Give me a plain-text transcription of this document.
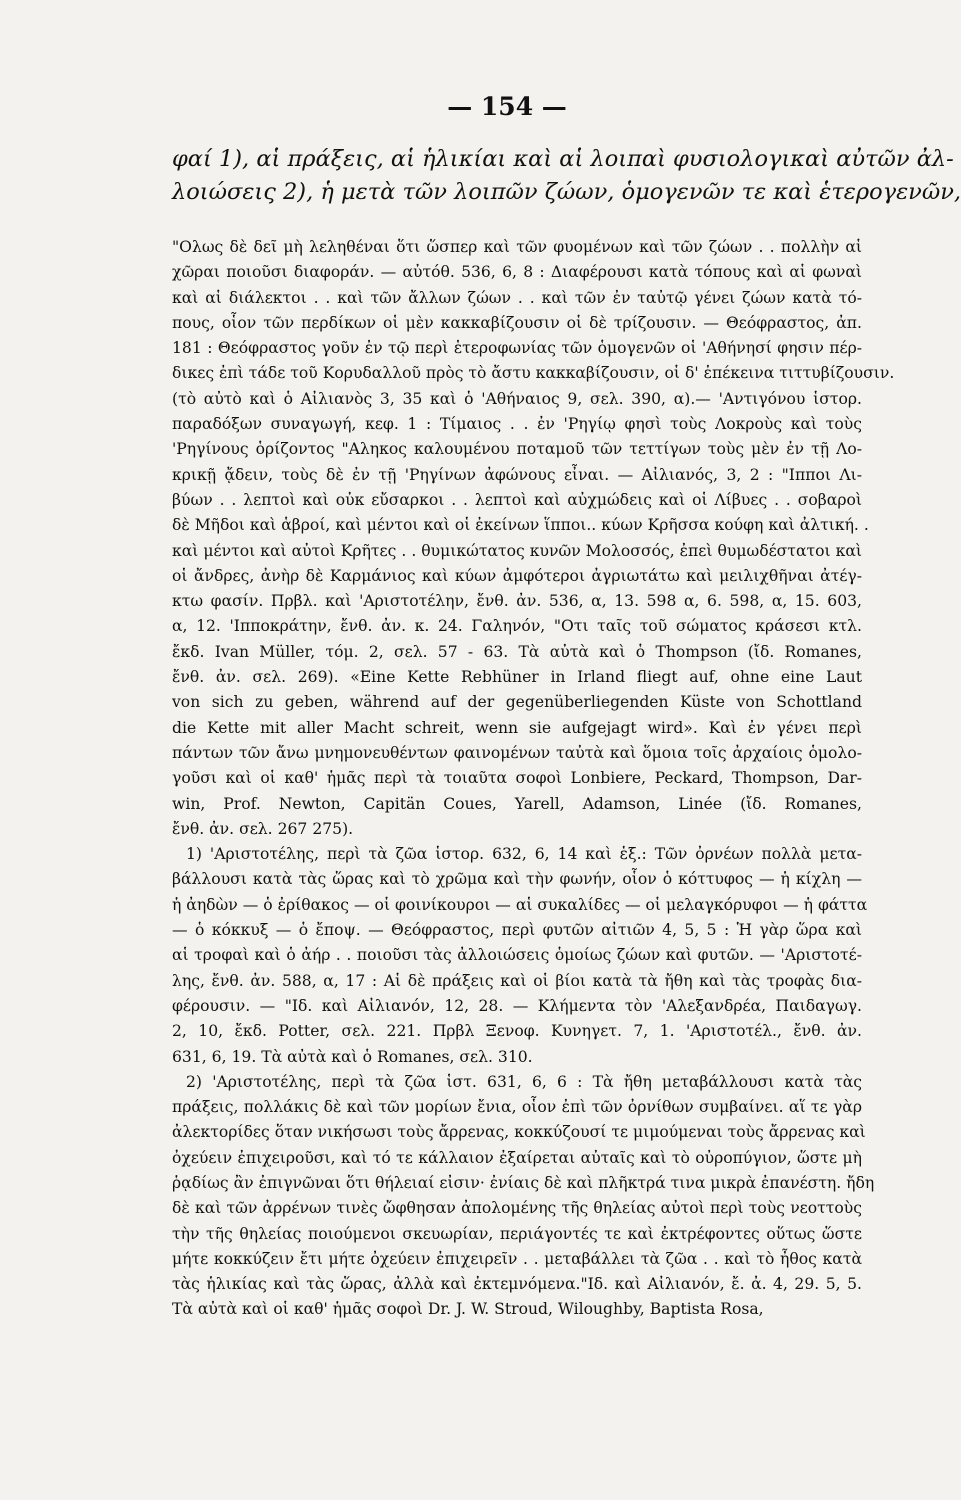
— 154 —
φαί 1), αἱ πράξεις, αἱ ἡλικίαι καὶ αἱ λοιπαὶ φυσιολογικαὶ αὐτῶν ἀλ-
λοιώσεις 2), ἡ μετὰ τῶν λοιπῶν ζώων, ὁμογενῶν τε καὶ ἑτερογενῶν,
"Ολως δὲ δεῖ μὴ λεληθέναι ὅτι ὥσπερ καὶ τῶν φυομένων καὶ τῶν ζώων . . πολλὴν αἱ
χῶραι ποιοῦσι διαφοράν. — αὐτόθ. 536, 6, 8 : Διαφέρουσι κατὰ τόπους καὶ αἱ φωναὶ
καὶ αἱ διάλεκτοι . . καὶ τῶν ἄλλων ζώων . . καὶ τῶν ἐν ταὐτῷ γένει ζώων κατὰ τό-
πους, οἷον τῶν περδίκων οἱ μὲν κακκαβίζουσιν οἱ δὲ τρίζουσιν. — Θεόφραστος, ἀπ.
181 : Θεόφραστος γοῦν ἐν τῷ περὶ ἑτεροφωνίας τῶν ὁμογενῶν οἱ 'Αθήνησί φησιν πέρ-
δικες ἐπὶ τάδε τοῦ Κορυδαλλοῦ πρὸς τὸ ἄστυ κακκαβίζουσιν, οἱ δ' ἐπέκεινα τιττυβίζουσιν.
(τὸ αὐτὸ καὶ ὁ Αἰλιανὸς 3, 35 καὶ ὁ 'Αθήναιος 9, σελ. 390, α).— 'Αντιγόνου ἱστορ.
παραδόξων συναγωγή, κεφ. 1 : Τίμαιος . . ἐν 'Ρηγίῳ φησὶ τοὺς Λοκροὺς καὶ τοὺς
'Ρηγίνους ὁρίζοντος "Αληκος καλουμένου ποταμοῦ τῶν τεττίγων τοὺς μὲν ἐν τῇ Λο-
κρικῇ ᾄδειν, τοὺς δὲ ἐν τῇ 'Ρηγίνων ἀφώνους εἶναι. — Αἰλιανός, 3, 2 : "Ιπποι Λι-
βύων . . λεπτοὶ καὶ οὐκ εὔσαρκοι . . λεπτοὶ καὶ αὐχμώδεις καὶ οἱ Λίβυες . . σοβαροὶ
δὲ Μῆδοι καὶ ἁβροί, καὶ μέντοι καὶ οἱ ἐκείνων ἵπποι.. κύων Κρῆσσα κούφη καὶ ἀλτική. .
καὶ μέντοι καὶ αὐτοὶ Κρῆτες . . θυμικώτατος κυνῶν Μολοσσός, ἐπεὶ θυμωδέστατοι καὶ
οἱ ἄνδρες, ἀνὴρ δὲ Καρμάνιος καὶ κύων ἀμφότεροι ἀγριωτάτω καὶ μειλιχθῆναι ἀτέγ-
κτω φασίν. Πρβλ. καὶ 'Αριστοτέλην, ἔνθ. ἀν. 536, α, 13. 598 α, 6. 598, α, 15. 603,
α, 12. 'Ιπποκράτην, ἔνθ. ἀν. κ. 24. Γαληνόν, "Οτι ταῖς τοῦ σώματος κράσεσι κτλ.
ἔκδ. Ivan Müller, τόμ. 2, σελ. 57 - 63. Τὰ αὐτὰ καὶ ὁ Thompson (ἴδ. Romanes,
ἔνθ. ἀν. σελ. 269). «Eine Kette Rebhüner in Irland fliegt auf, ohne eine Laut
von sich zu geben, während auf der gegenüberliegenden Küste von Schottland
die Kette mit aller Macht schreit, wenn sie aufgejagt wird». Καὶ ἐν γένει περὶ
πάντων τῶν ἄνω μνημονευθέντων φαινομένων ταὐτὰ καὶ ὅμοια τοῖς ἀρχαίοις ὁμολο-
γοῦσι καὶ οἱ καθ' ἡμᾶς περὶ τὰ τοιαῦτα σοφοὶ Lonbiere, Peckard, Thompson, Dar-
win, Prof. Newton, Capitän Coues, Yarell, Adamson, Linée (ἴδ. Romanes,
ἔνθ. ἀν. σελ. 267 275).
1) 'Αριστοτέλης, περὶ τὰ ζῶα ἱστορ. 632, 6, 14 καὶ ἑξ.: Τῶν ὀρνέων πολλὰ μετα-
βάλλουσι κατὰ τὰς ὥρας καὶ τὸ χρῶμα καὶ τὴν φωνήν, οἷον ὁ κόττυφος — ἡ κίχλη —
ἡ ἀηδὼν — ὁ ἐρίθακος — οἱ φοινίκουροι — αἱ συκαλίδες — οἱ μελαγκόρυφοι — ἡ φάττα
— ὁ κόκκυξ — ὁ ἔποψ. — Θεόφραστος, περὶ φυτῶν αἰτιῶν 4, 5, 5 : Ἡ γὰρ ὥρα καὶ
αἱ τροφαὶ καὶ ὁ ἀήρ . . ποιοῦσι τὰς ἀλλοιώσεις ὁμοίως ζώων καὶ φυτῶν. — 'Αριστοτέ-
λης, ἔνθ. ἀν. 588, α, 17 : Αἱ δὲ πράξεις καὶ οἱ βίοι κατὰ τὰ ἤθη καὶ τὰς τροφὰς δια-
φέρουσιν. — "Ιδ. καὶ Αἰλιανόν, 12, 28. — Κλήμεντα τὸν 'Αλεξανδρέα, Παιδαγωγ.
2, 10, ἔκδ. Potter, σελ. 221. Πρβλ Ξενοφ. Κυνηγετ. 7, 1. 'Αριστοτέλ., ἔνθ. ἀν.
631, 6, 19. Τὰ αὐτὰ καὶ ὁ Romanes, σελ. 310.
2) 'Αριστοτέλης, περὶ τὰ ζῶα ἱστ. 631, 6, 6 : Τὰ ἤθη μεταβάλλουσι κατὰ τὰς
πράξεις, πολλάκις δὲ καὶ τῶν μορίων ἔνια, οἷον ἐπὶ τῶν ὀρνίθων συμβαίνει. αἵ τε γὰρ
ἀλεκτορίδες ὅταν νικήσωσι τοὺς ἄρρενας, κοκκύζουσί τε μιμούμεναι τοὺς ἄρρενας καὶ
ὀχεύειν ἐπιχειροῦσι, καὶ τό τε κάλλαιον ἐξαίρεται αὐταῖς καὶ τὸ οὐροπύγιον, ὥστε μὴ
ῥᾳδίως ἂν ἐπιγνῶναι ὅτι θήλειαί εἰσιν· ἐνίαις δὲ καὶ πλῆκτρά τινα μικρὰ ἐπανέστη. ἤδη
δὲ καὶ τῶν ἀρρένων τινὲς ὤφθησαν ἀπολομένης τῆς θηλείας αὐτοὶ περὶ τοὺς νεοττοὺς
τὴν τῆς θηλείας ποιούμενοι σκευωρίαν, περιάγοντές τε καὶ ἐκτρέφοντες οὕτως ὥστε
μήτε κοκκύζειν ἔτι μήτε ὀχεύειν ἐπιχειρεῖν . . μεταβάλλει τὰ ζῶα . . καὶ τὸ ἦθος κατὰ
τὰς ἡλικίας καὶ τὰς ὥρας, ἀλλὰ καὶ ἐκτεμνόμενα."Ιδ. καὶ Αἰλιανόν, ἔ. ἀ. 4, 29. 5, 5.
Τὰ αὐτὰ καὶ οἱ καθ' ἡμᾶς σοφοὶ Dr. J. W. Stroud, Wiloughby, Baptista Rosa,
